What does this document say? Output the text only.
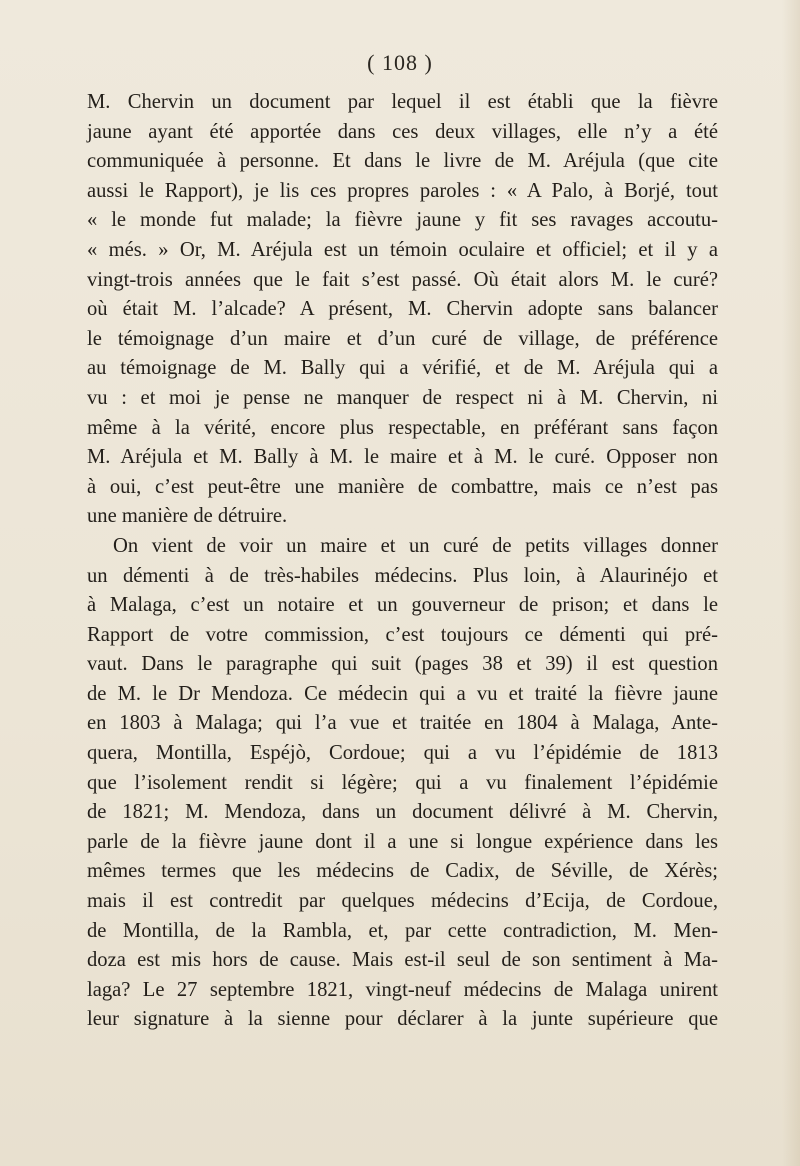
( 108 )

M. Chervin un document par lequel il est établi que la fièvre

jaune ayant été apportée dans ces deux villages, elle n’y a été

communiquée à personne. Et dans le livre de M. Aréjula (que cite

aussi le Rapport), je lis ces propres paroles : « A Palo, à Borjé, tout

« le monde fut malade; la fièvre jaune y fit ses ravages accoutu-

« més. » Or, M. Aréjula est un témoin oculaire et officiel; et il y a

vingt-trois années que le fait s’est passé. Où était alors M. le curé?

où était M. l’alcade? A présent, M. Chervin adopte sans balancer

le témoignage d’un maire et d’un curé de village, de préférence

au témoignage de M. Bally qui a vérifié, et de M. Aréjula qui a

vu : et moi je pense ne manquer de respect ni à M. Chervin, ni

même à la vérité, encore plus respectable, en préférant sans façon

M. Aréjula et M. Bally à M. le maire et à M. le curé. Opposer non

à oui, c’est peut-être une manière de combattre, mais ce n’est pas

une manière de détruire.

On vient de voir un maire et un curé de petits villages donner

un démenti à de très-habiles médecins. Plus loin, à Alaurinéjo et

à Malaga, c’est un notaire et un gouverneur de prison; et dans le

Rapport de votre commission, c’est toujours ce démenti qui pré-

vaut. Dans le paragraphe qui suit (pages 38 et 39) il est question

de M. le Dr Mendoza. Ce médecin qui a vu et traité la fièvre jaune

en 1803 à Malaga; qui l’a vue et traitée en 1804 à Malaga, Ante-

quera, Montilla, Espéjò, Cordoue; qui a vu l’épidémie de 1813

que l’isolement rendit si légère; qui a vu finalement l’épidémie

de 1821; M. Mendoza, dans un document délivré à M. Chervin,

parle de la fièvre jaune dont il a une si longue expérience dans les

mêmes termes que les médecins de Cadix, de Séville, de Xérès;

mais il est contredit par quelques médecins d’Ecija, de Cordoue,

de Montilla, de la Rambla, et, par cette contradiction, M. Men-

doza est mis hors de cause. Mais est-il seul de son sentiment à Ma-

laga? Le 27 septembre 1821, vingt-neuf médecins de Malaga unirent

leur signature à la sienne pour déclarer à la junte supérieure que
